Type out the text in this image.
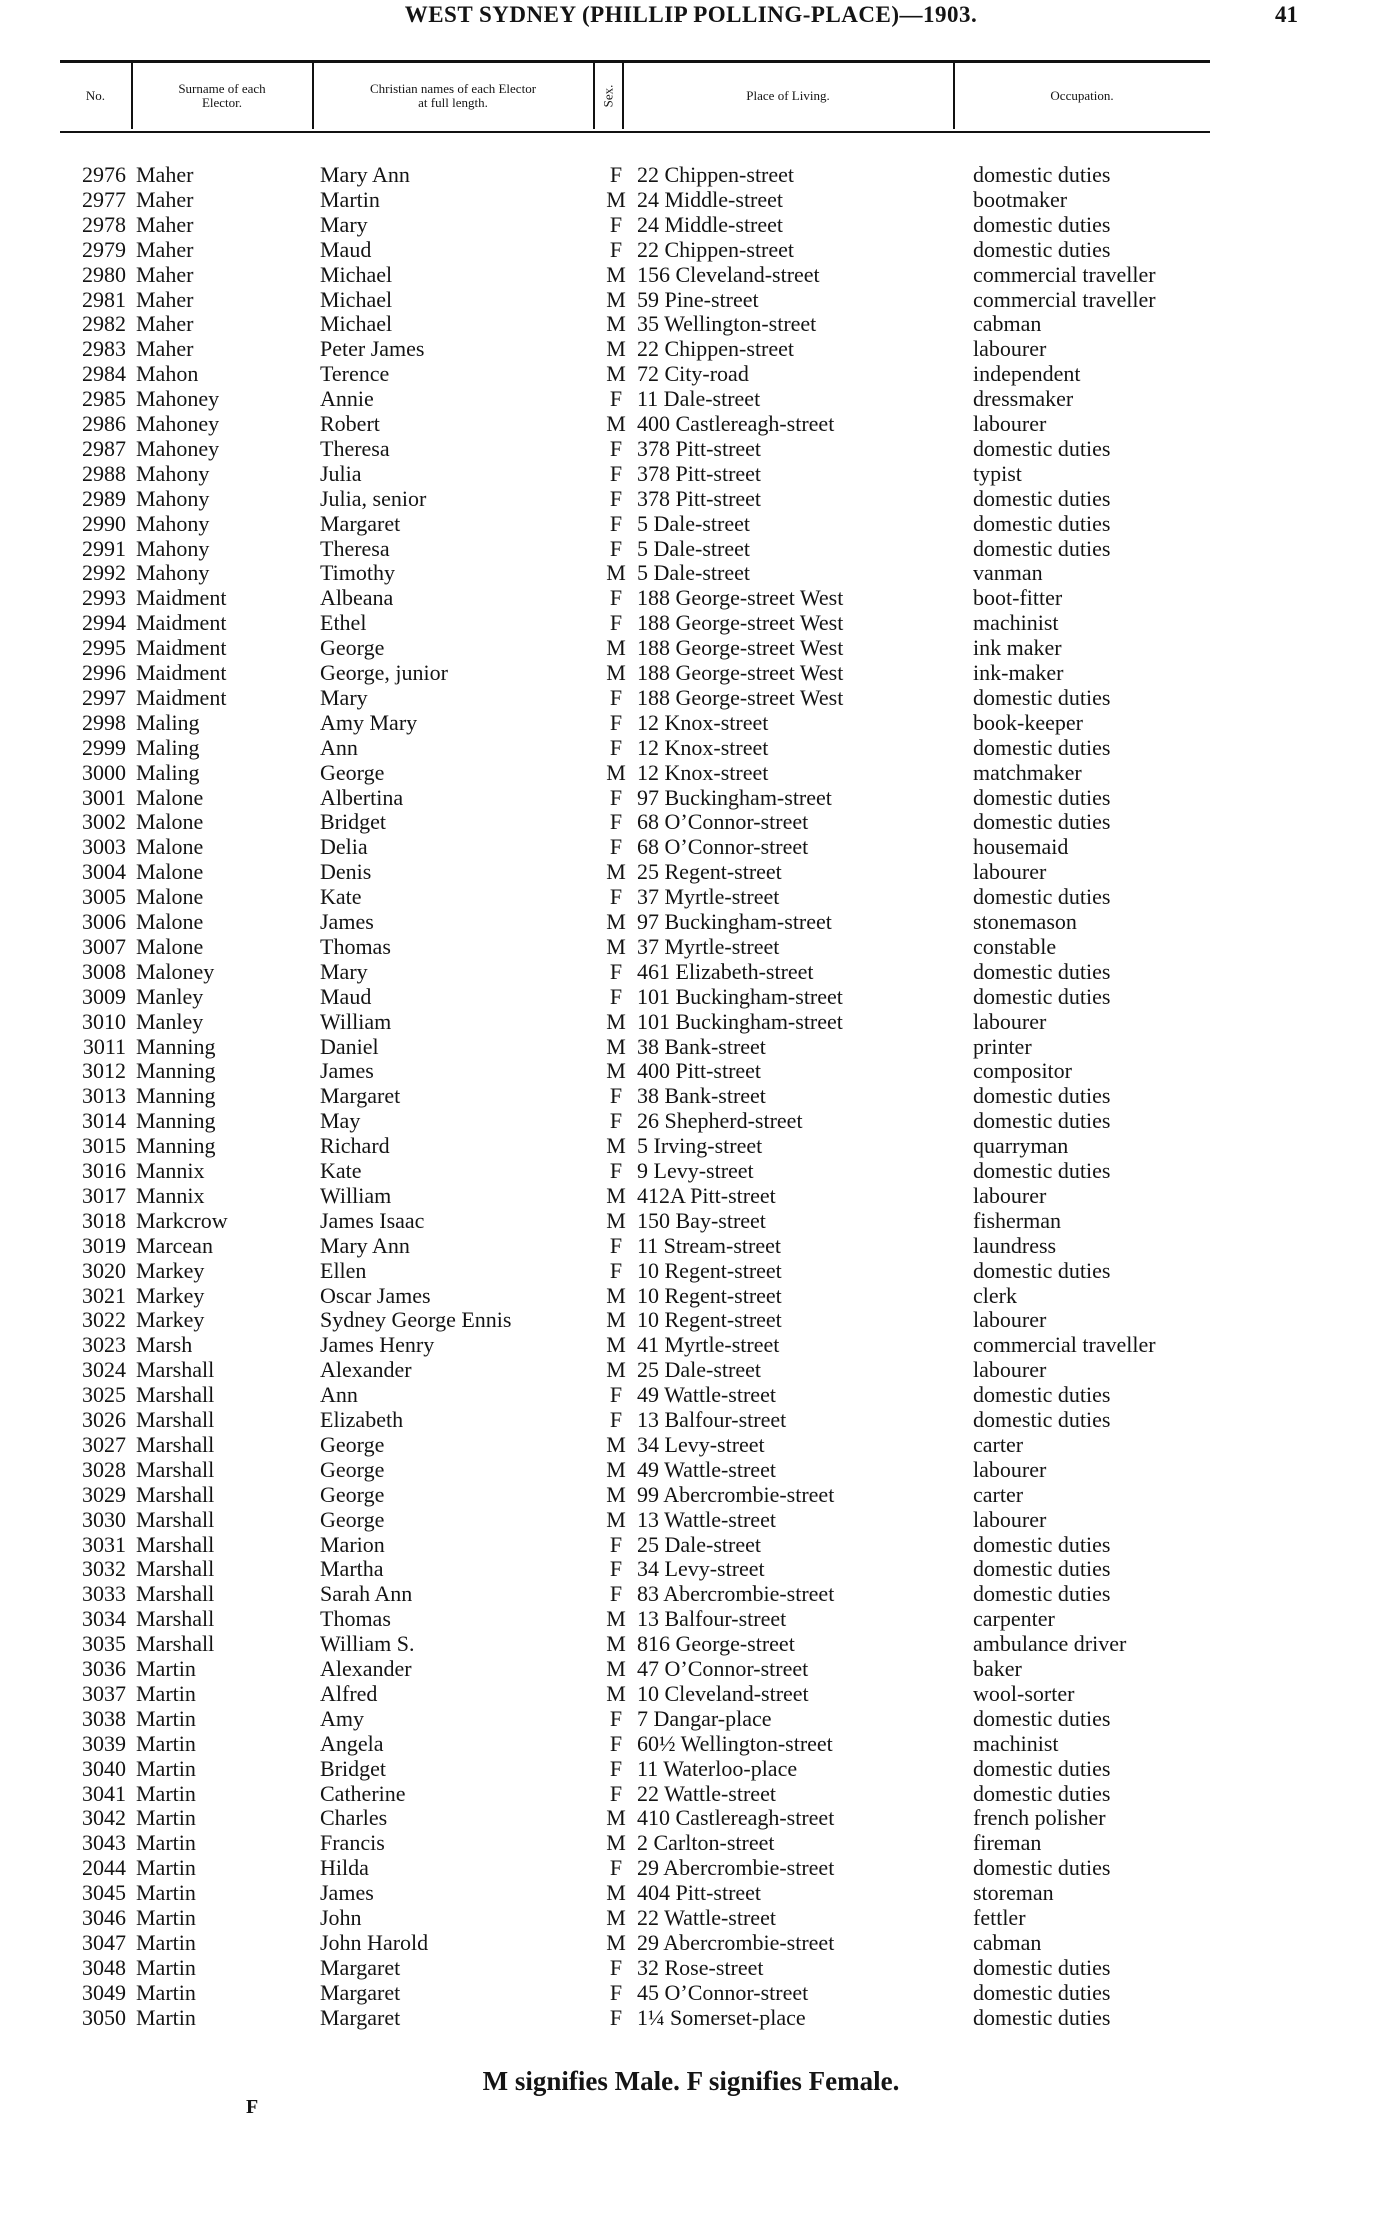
WEST SYDNEY (PHILLIP POLLING-PLACE)—1903.	41
No.	Surname of each
Elector.
Christian names of each Elector
at full length.	Sex.	Place of Living.	Occupation.
2976 Maher	Mary Ann	F 22 Chippen-street	domestic duties
2977 Maher	Martin	M 24 Middle-street	bootmaker
2978 Maher	Mary	F 24 Middle-street	domestic duties
2979 Maher	Maud	F 22 Chippen-street	domestic duties
2980 Maher	Michael	M 156 Cleveland-street	commercial traveller
2981 Maher	Michael	M 59 Pine-street	commercial traveller
2982 Maher	Michael	M 35 Wellington-street	cabman
2983 Maher	Peter James	M 22 Chippen-street	labourer
2984 Mahon	Terence	M 72 City-road	independent
2985 Mahoney	Annie	F 11 Dale-street	dressmaker
2986 Mahoney	Robert	M 400 Castlereagh-street	labourer
2987 Mahoney	Theresa	F 378 Pitt-street	domestic duties
2988 Mahony	Julia	F 378 Pitt-street	typist
2989 Mahony	Julia, senior	F 378 Pitt-street	domestic duties
2990 Mahony	Margaret	F 5 Dale-street	domestic duties
2991 Mahony	Theresa	F 5 Dale-street	domestic duties
2992 Mahony	Timothy	M 5 Dale-street	vanman
2993 Maidment	Albeana	F 188 George-street West	boot-fitter
2994 Maidment	Ethel	F 188 George-street West	machinist
2995 Maidment	George	M 188 George-street West	ink maker
2996 Maidment	George, junior	M 188 George-street West	ink-maker
2997 Maidment	Mary	F 188 George-street West	domestic duties
2998 Maling	Amy Mary	F 12 Knox-street	book-keeper
2999 Maling	Ann	F 12 Knox-street	domestic duties
3000 Maling	George	M 12 Knox-street	matchmaker
3001 Malone	Albertina	F 97 Buckingham-street	domestic duties
3002 Malone	Bridget	F 68 O’Connor-street	domestic duties
3003 Malone	Delia	F 68 O’Connor-street	housemaid
3004 Malone	Denis	M 25 Regent-street	labourer
3005 Malone	Kate	F 37 Myrtle-street	domestic duties
3006 Malone	James	M 97 Buckingham-street	stonemason
3007 Malone	Thomas	M 37 Myrtle-street	constable
3008 Maloney	Mary	F 461 Elizabeth-street	domestic duties
3009 Manley	Maud	F 101 Buckingham-street	domestic duties
3010 Manley	William	M 101 Buckingham-street	labourer
3011 Manning	Daniel	M 38 Bank-street	printer
3012 Manning	James	M 400 Pitt-street	compositor
3013 Manning	Margaret	F 38 Bank-street	domestic duties
3014 Manning	May	F 26 Shepherd-street	domestic duties
3015 Manning	Richard	M 5 Irving-street	quarryman
3016 Mannix	Kate	F 9 Levy-street	domestic duties
3017 Mannix	William	M 412A Pitt-street	labourer
3018 Markcrow	James Isaac	M 150 Bay-street	fisherman
3019 Marcean	Mary Ann	F 11 Stream-street	laundress
3020 Markey	Ellen	F 10 Regent-street	domestic duties
3021 Markey	Oscar James	M 10 Regent-street	clerk
3022 Markey	Sydney George Ennis	M 10 Regent-street	labourer
3023 Marsh	James Henry	M 41 Myrtle-street	commercial traveller
3024 Marshall	Alexander	M 25 Dale-street	labourer
3025 Marshall	Ann	F 49 Wattle-street	domestic duties
3026 Marshall	Elizabeth	F 13 Balfour-street	domestic duties
3027 Marshall	George	M 34 Levy-street	carter
3028 Marshall	George	M 49 Wattle-street	labourer
3029 Marshall	George	M 99 Abercrombie-street	carter
3030 Marshall	George	M 13 Wattle-street	labourer
3031 Marshall	Marion	F 25 Dale-street	domestic duties
3032 Marshall	Martha	F 34 Levy-street	domestic duties
3033 Marshall	Sarah Ann	F 83 Abercrombie-street	domestic duties
3034 Marshall	Thomas	M 13 Balfour-street	carpenter
3035 Marshall	William S.	M 816 George-street	ambulance driver
3036 Martin	Alexander	M 47 O’Connor-street	baker
3037 Martin	Alfred	M 10 Cleveland-street	wool-sorter
3038 Martin	Amy	F 7 Dangar-place	domestic duties
3039 Martin	Angela	F 60½ Wellington-street	machinist
3040 Martin	Bridget	F 11 Waterloo-place	domestic duties
3041 Martin	Catherine	F 22 Wattle-street	domestic duties
3042 Martin	Charles	M 410 Castlereagh-street	french polisher
3043 Martin	Francis	M 2 Carlton-street	fireman
2044 Martin	Hilda	F 29 Abercrombie-street	domestic duties
3045 Martin	James	M 404 Pitt-street	storeman
3046 Martin	John	M 22 Wattle-street	fettler
3047 Martin	John Harold	M 29 Abercrombie-street	cabman
3048 Martin	Margaret	F 32 Rose-street	domestic duties
3049 Martin	Margaret	F 45 O’Connor-street	domestic duties
3050 Martin	Margaret	F 1¼ Somerset-place	domestic duties
M signifies Male. F signifies Female.
F
